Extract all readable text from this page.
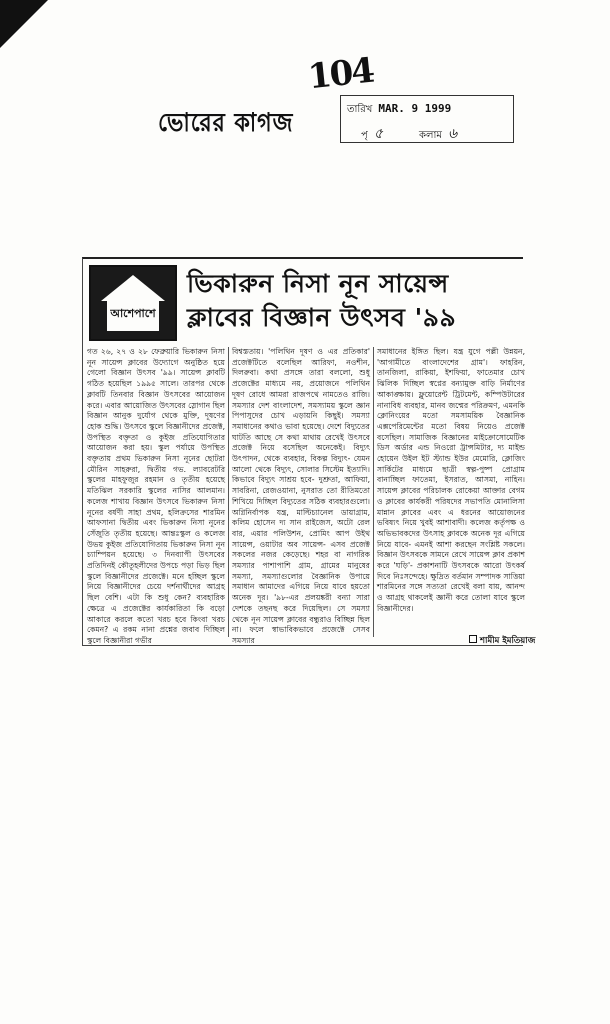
104
ভোরের কাগজ	তারিখ MAR. 9 1999
পৃ ৫	কলাম ৬
আশেপাশে
ভিকারুন নিসা নূন সায়েন্স
ক্লাবের বিজ্ঞান উৎসব '৯৯
গত ২৬, ২৭ ও ২৮ ফেব্রুয়ারি ভিকারুন নিসা নূন সায়েন্স ক্লাবের উদ্যোগে অনুষ্ঠিত হয়ে গেলো বিজ্ঞান উৎসব '৯৯। সায়েন্স ক্লাবটি গঠিত হয়েছিল ১৯৯৫ সালে। তারপর থেকে ক্লাবটি তিনবার বিজ্ঞান উৎসবের আয়োজন করে। এবার আয়োজিত উৎসবের স্লোগান ছিল বিজ্ঞান আনুক দুর্যোগ থেকে মুক্তি, দূষণের হোক শুদ্ধি। উৎসবে স্কুলে বিজ্ঞানীদের প্রজেক্ট, উপস্থিত বক্তৃতা ও কুইজ প্রতিযোগিতার আয়োজন করা হয়। স্কুল পর্যায়ে উপস্থিত বক্তৃতায় প্রথম ভিকারুন নিসা নূনের ছোটরা মৌরিন সাহরুরা, দ্বিতীয় গভ. ল্যাবরেটরি স্কুলের মাহফুজুর রহমান ও তৃতীয় হয়েছে মতিঝিল সরকারি স্কুলের নাসির আলমান। কলেজ শাখায় বিজ্ঞান উৎসবে ভিকারুন নিসা নূনের বর্ষণী সাহা প্রথম, হলিক্রসের শারমিন আফসানা দ্বিতীয় এবং ভিকারুন নিসা নূনের সেঁজুতি তৃতীয় হয়েছে। আন্তঃস্কুল ও কলেজ উভয় কুইজ প্রতিযোগিতায় ভিকারুন নিসা নূন চ্যাম্পিয়ন হয়েছে। ৩ দিনব্যাপী উৎসবের প্রতিদিনই কৌতূহলীদের উপচে পড়া ভিড় ছিল স্কুলে বিজ্ঞানীদের প্রজেক্টে। মনে হচ্ছিল স্কুলে নিয়ে বিজ্ঞানীদের চেয়ে দর্শনার্থীদের আগ্রহ ছিল বেশি। এটা কি শুধু কেন? ব্যবহারিক ক্ষেত্রে এ প্রজেক্টের কার্যকারিতা কি বড়ো আকারে করলে কতো খরচ হবে কিংবা খরচ কেমন? এ রকম নানা প্রশ্নের জবাব দিচ্ছিল স্কুলে বিজ্ঞানীরা গভীর
বিশ্বস্ততায়। 'পলিথিন দূষণ ও এর প্রতিকার' প্রজেক্টটিতে বলেছিল আরিফা, নওশীন, দিলরুবা। কথা প্রসঙ্গে তারা বললো, শুধু প্রজেক্টের মাধ্যমে নয়, প্রয়োজনে পলিথিন দূষণ রোধে আমরা রাজপথে নামতেও রাজি। সমস্যার দেশ বাংলাদেশ, সমস্যাময় স্কুলে জ্ঞান পিপাসুদের চোখ এড়ায়নি কিছুই। সমস্যা সমাধানের কথাও ভাবা হয়েছে। দেশে বিদ্যুতের ঘাটতি আছে সে কথা মাথায় রেখেই উৎসবে প্রজেক্ট নিয়ে বসেছিল অনেকেই। বিদ্যুৎ উৎপাদন, থেকে ব্যবহার, বিকল্প বিদ্যুৎ- যেমন আলো থেকে বিদ্যুৎ, সোলার সিস্টেম ইত্যাদি। কিভাবে বিদ্যুৎ সাশ্রয় হবে- দুশ্রুতা, আফিয়া, সাবরিনা, রেজওয়ানা, নুসরাত তো রীতিমতো শিখিয়ে দিচ্ছিল বিদ্যুতের সঠিক ব্যবহারগুলো। অগ্নিনির্বাপক যন্ত্র, মাল্টিচ্যানেল ডায়াগ্রাম, কলিম হোসেন দ্য সান রাইজেস, অটো রেল বার, এয়ার পলিউশন, প্রোমিং আপ উইথ সায়েন্স, ওয়াটার অব সায়েন্স- এসব প্রজেক্ট সকলের নজর কেড়েছে। শহর বা নাগরিক সমস্যার পাশাপাশি গ্রাম, গ্রামের মানুষের সমস্যা, সমস্যাগুলোর বৈজ্ঞানিক উপায়ে সমাধান আমাদের এগিয়ে নিয়ে যাবে হয়তো অনেক দূর। '৯৮-এর প্রলয়ঙ্করী বন্যা সারা দেশকে তছনছ করে দিয়েছিল। সে সমস্যা থেকে নূন সায়েন্স ক্লাবের বন্ধুরাও বিচ্ছিন্ন ছিল না। ফলে স্বাভাবিকভাবে প্রজেক্টে সেসব সমস্যার
সমাধানের ইঙ্গিত ছিল। যন্ত্র যুগে পল্লী উন্নয়ন, 'আগামীতে বাংলাদেশের গ্রাম'। ফাহরিন, তানজিলা, রাকিয়া, ইশফিয়া, ফাতেমার চোখ ঝিলিক দিচ্ছিল স্বপ্নের বন্যামুক্ত বাড়ি নির্মাণের আকাঙ্ক্ষায়। ফ্লুয়োরেন্ট ট্রিটমেন্ট, কম্পিউটারের নানাবিধ ব্যবহার, মানব জন্মের পরিক্রমণ, এমনকি ক্লোনিংয়ের মতো সমসাময়িক বৈজ্ঞানিক এক্সপেরিমেন্টের মতো বিষয় নিয়েও প্রজেক্ট বসেছিল। সামাজিক বিজ্ঞানের মাইক্রোসোমেটিক ডিস অর্ডার এন্ড নিওরো ট্রান্সমিটার, দ্য মাইন্ড হোয়েন উইল ইট স্ট্যান্ড ইউর মেমোরি, ক্লোজিং সার্কিটের মাধ্যমে ছাত্রী স্বল্প-পুষ্প প্রোগ্রাম বানাচ্ছিল ফাতেমা, ইসরাত, আসমা, নাহিন। সায়েন্স ক্লাবের পরিচালক রোকেয়া আক্তার বেগম ও ক্লাবের কার্যকরী পরিষদের সভাপতি মোনালিসা মান্নান ক্লাবের এবং এ ধরনের আয়োজনের ভবিষ্যৎ নিয়ে খুবই আশাবাদী। কলেজ কর্তৃপক্ষ ও অভিভাবকদের উৎসাহ ক্লাবকে অনেক দূর এগিয়ে নিয়ে যাবে- এমনই আশা করছেন সংশ্লিষ্ট সকলে। বিজ্ঞান উৎসবকে সামনে রেখে সায়েন্স ক্লাব প্রকাশ করে 'ঘড়ি'- প্রকাশনাটি উৎসবকে আরো উৎকর্ষ দিবে নিঃসন্দেহে। ক্ষুদ্রিত বর্তমান সম্পাদক সাত্তিয়া শারমিনের সঙ্গে সত্যতা রেখেই বলা যায়, আনন্দ ও আগ্রহ থাকলেই জ্ঞানী করে তোলা যাবে স্কুলে বিজ্ঞানীদের।
শামীম ইমতিয়াজ
